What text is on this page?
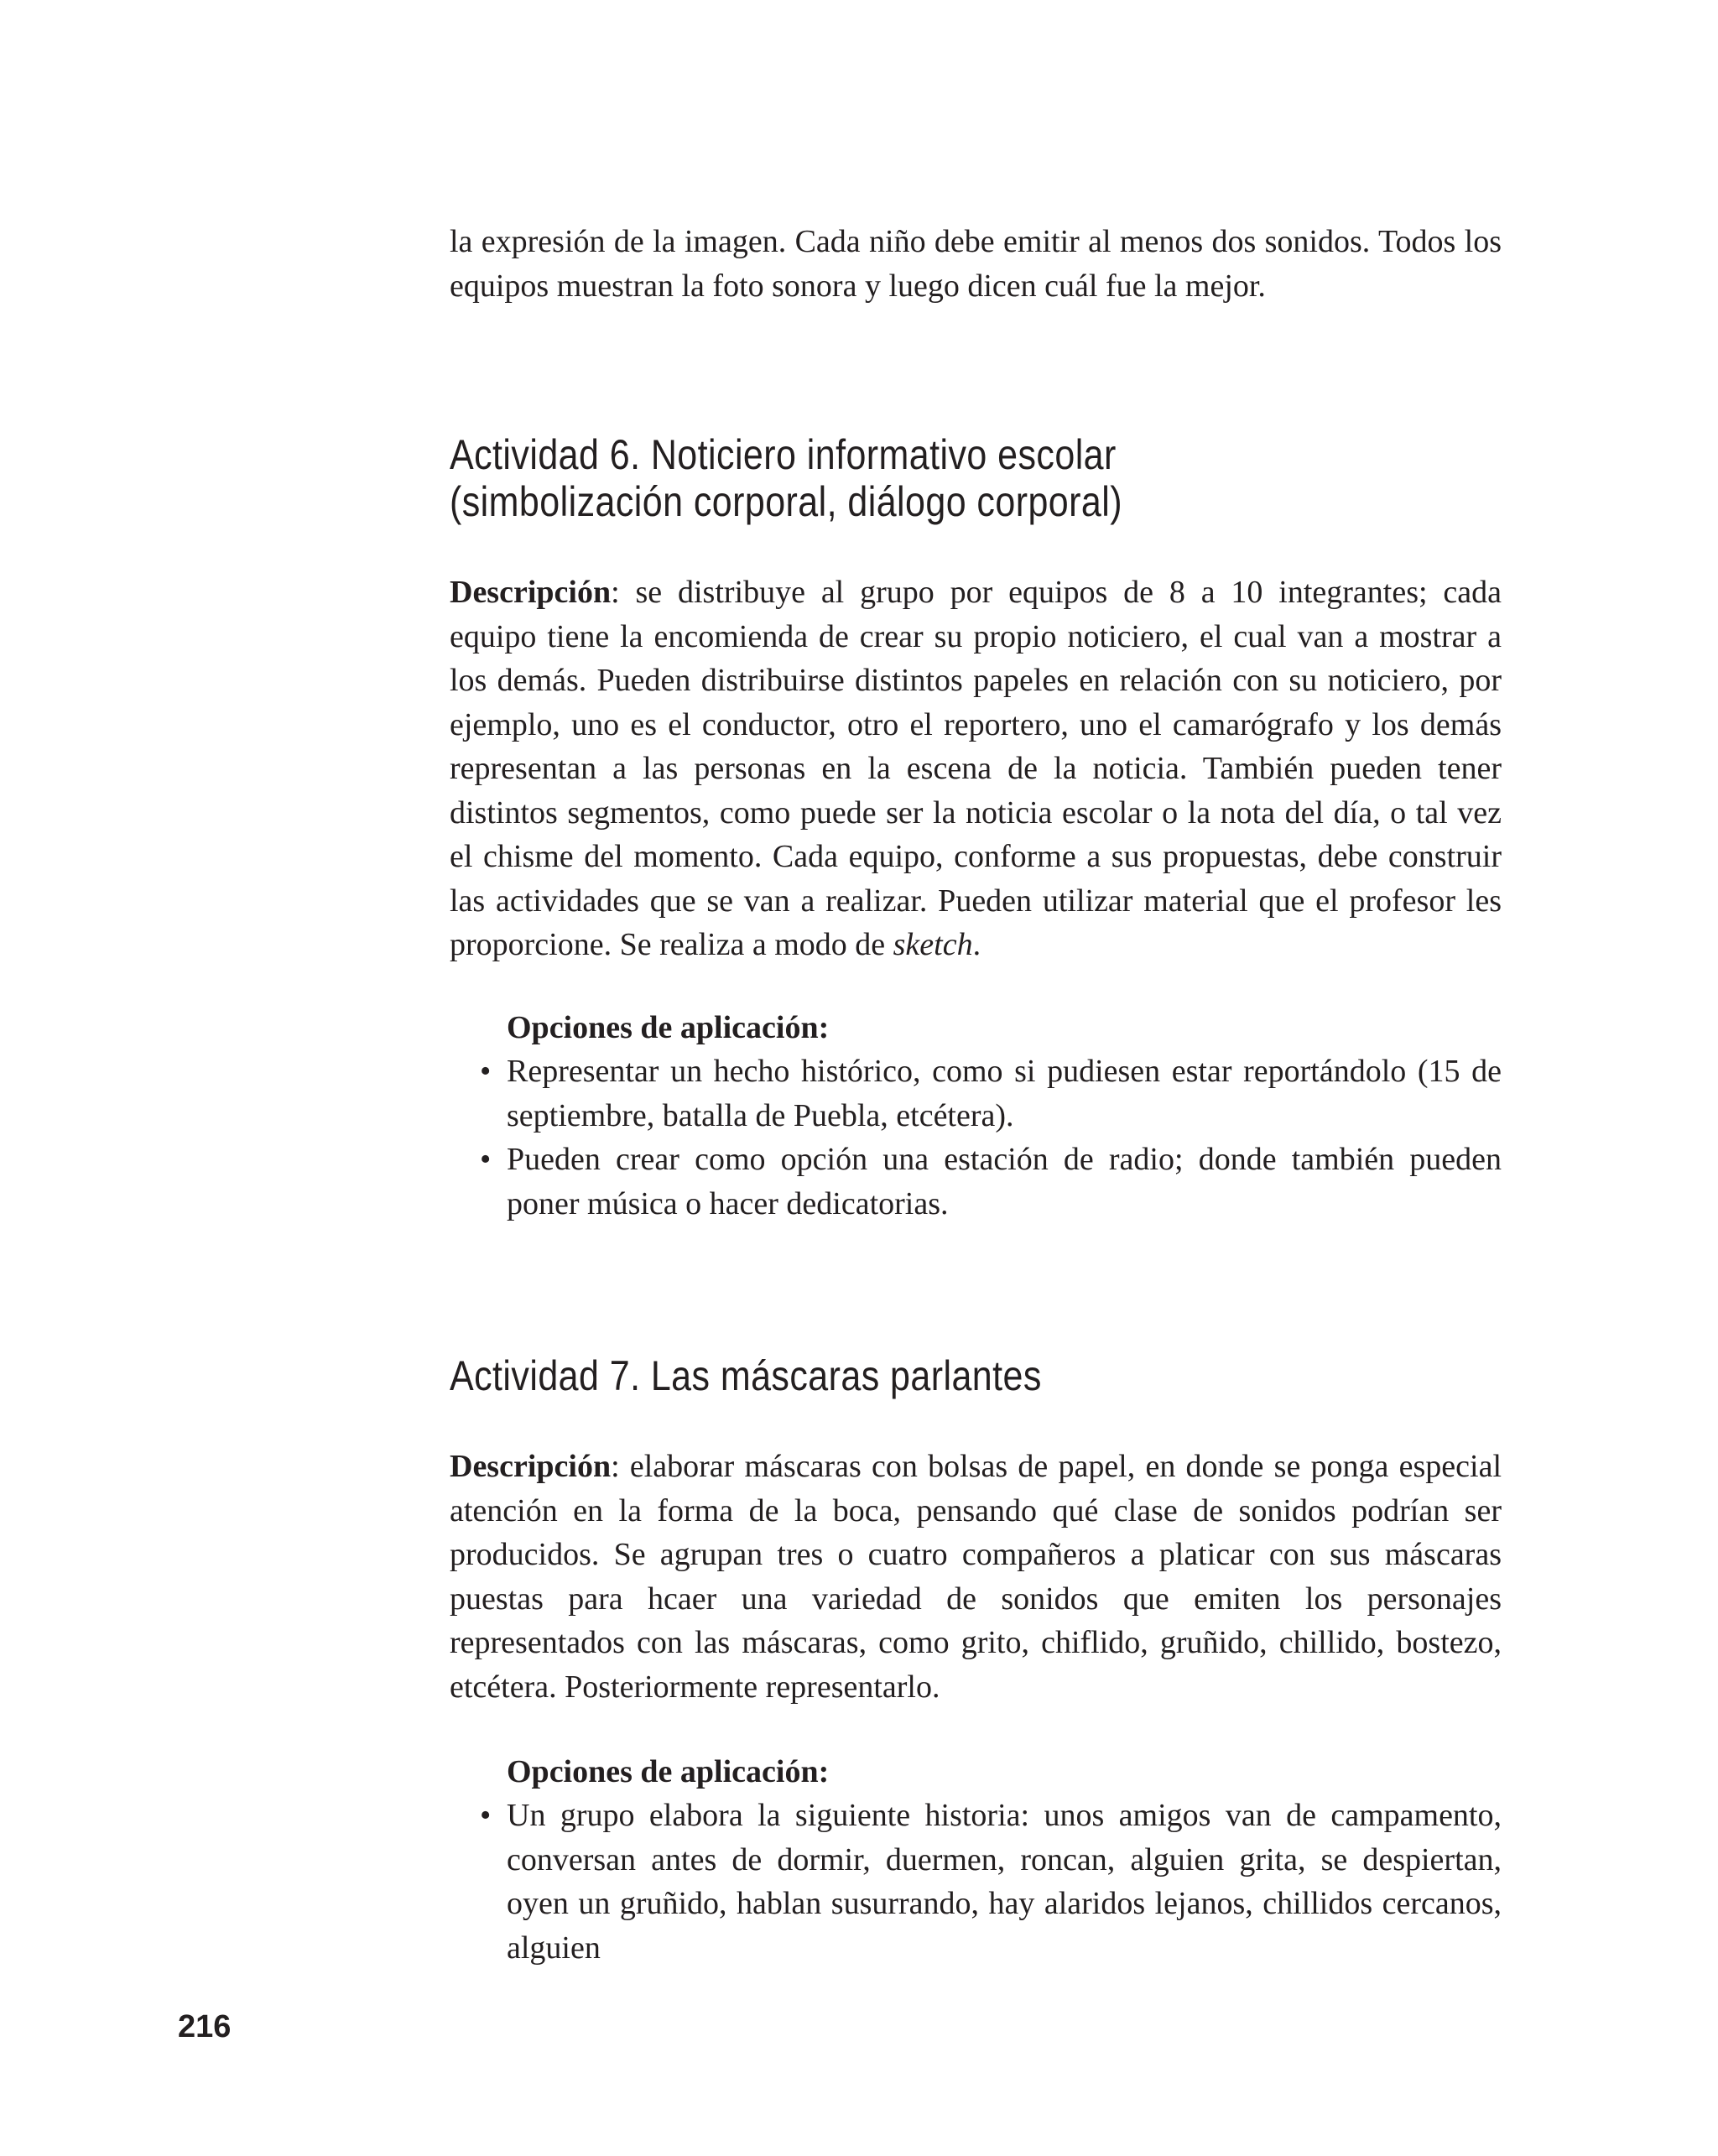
la expresión de la imagen. Cada niño debe emitir al menos dos sonidos. Todos los equipos muestran la foto sonora y luego dicen cuál fue la mejor.

Actividad 6. Noticiero informativo escolar
(simbolización corporal, diálogo corporal)

Descripción: se distribuye al grupo por equipos de 8 a 10 integrantes; cada equipo tiene la encomienda de crear su propio noticiero, el cual van a mostrar a los demás. Pueden distribuirse distintos papeles en relación con su noticiero, por ejemplo, uno es el conductor, otro el reportero, uno el camarógrafo y los demás representan a las personas en la escena de la noticia. También pueden tener distintos segmentos, como puede ser la noticia escolar o la nota del día, o tal vez el chisme del momento. Cada equipo, conforme a sus propuestas, debe construir las actividades que se van a realizar. Pueden utilizar material que el profesor les proporcione. Se realiza a modo de sketch.

Opciones de aplicación:
• Representar un hecho histórico, como si pudiesen estar reportándolo (15 de septiembre, batalla de Puebla, etcétera).
• Pueden crear como opción una estación de radio; donde también pueden poner música o hacer dedicatorias.
Actividad 7. Las máscaras parlantes

Descripción: elaborar máscaras con bolsas de papel, en donde se ponga especial atención en la forma de la boca, pensando qué clase de sonidos podrían ser producidos. Se agrupan tres o cuatro compañeros a platicar con sus máscaras puestas para hcaer una variedad de sonidos que emiten los personajes representados con las máscaras, como grito, chiflido, gruñido, chillido, bostezo, etcétera. Posteriormente representarlo.

Opciones de aplicación:
• Un grupo elabora la siguiente historia: unos amigos van de campamento, conversan antes de dormir, duermen, roncan, alguien grita, se despiertan, oyen un gruñido, hablan susurrando, hay alaridos lejanos, chillidos cercanos, alguien
216
